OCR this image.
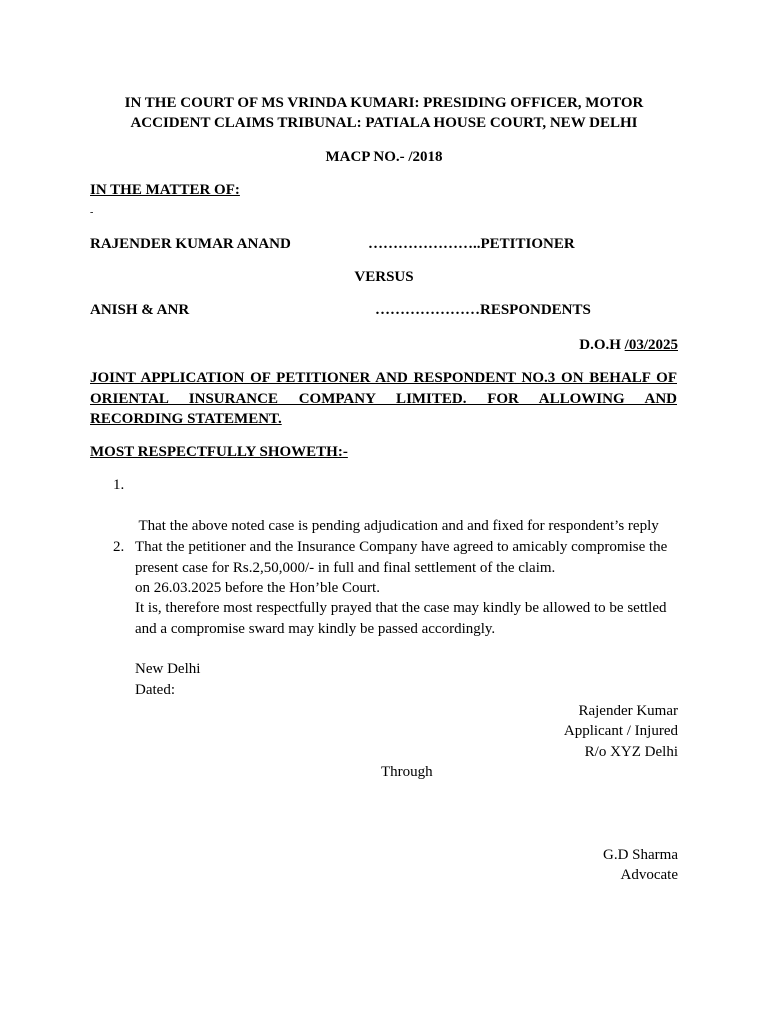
IN THE COURT OF MS VRINDA KUMARI: PRESIDING OFFICER, MOTOR
ACCIDENT CLAIMS TRIBUNAL: PATIALA HOUSE COURT, NEW DELHI
MACP NO.- /2018
IN THE MATTER OF:
-
RAJENDER KUMAR ANAND	…………………..PETITIONER
VERSUS
ANISH & ANR	…………………RESPONDENTS
D.O.H /03/2025
JOINT APPLICATION OF PETITIONER AND RESPONDENT NO.3 ON BEHALF OF
ORIENTAL INSURANCE COMPANY LIMITED. FOR ALLOWING AND
RECORDING STATEMENT.
MOST RESPECTFULLY SHOWETH:-
1.

That the above noted case is pending adjudication and and fixed for respondent’s reply

on 26.03.2025 before the Hon’ble Court.

2. That the petitioner and the Insurance Company have agreed to amicably compromise the
present case for Rs.2,50,000/- in full and final settlement of the claim.
It is, therefore most respectfully prayed that the case may kindly be allowed to be settled
and a compromise sward may kindly be passed accordingly.
New Delhi
Dated:
Rajender Kumar
Applicant / Injured
R/o XYZ Delhi
Through
G.D Sharma
Advocate
